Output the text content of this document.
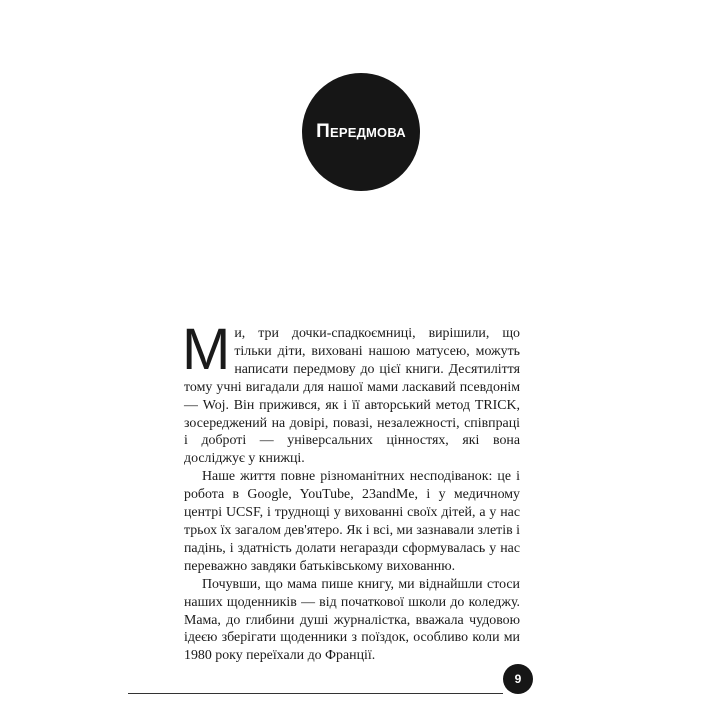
Передмова

Ми, три дочки-спадкоємниці, вирішили, що тільки діти, виховані нашою матусею, можуть написати передмову до цієї книги. Десятиліття тому учні вигадали для нашої мами ласкавий псевдонім — Woj. Він прижився, як і її авторський метод TRICK, зосереджений на довірі, повазі, незалежності, співпраці і доброті — універсальних цінностях, які вона досліджує у книжці.

Наше життя повне різноманітних несподіванок: це і робота в Google, YouTube, 23andMe, і у медичному центрі UCSF, і труднощі у вихованні своїх дітей, а у нас трьох їх загалом дев'ятеро. Як і всі, ми зазнавали злетів і падінь, і здатність долати негаразди сформувалась у нас переважно завдяки батьківському вихованню.

Почувши, що мама пише книгу, ми віднайшли стоси наших щоденників — від початкової школи до коледжу. Мама, до глибини душі журналістка, вважала чудовою ідеєю зберігати щоденники з поїздок, особливо коли ми 1980 року переїхали до Франції.

9
